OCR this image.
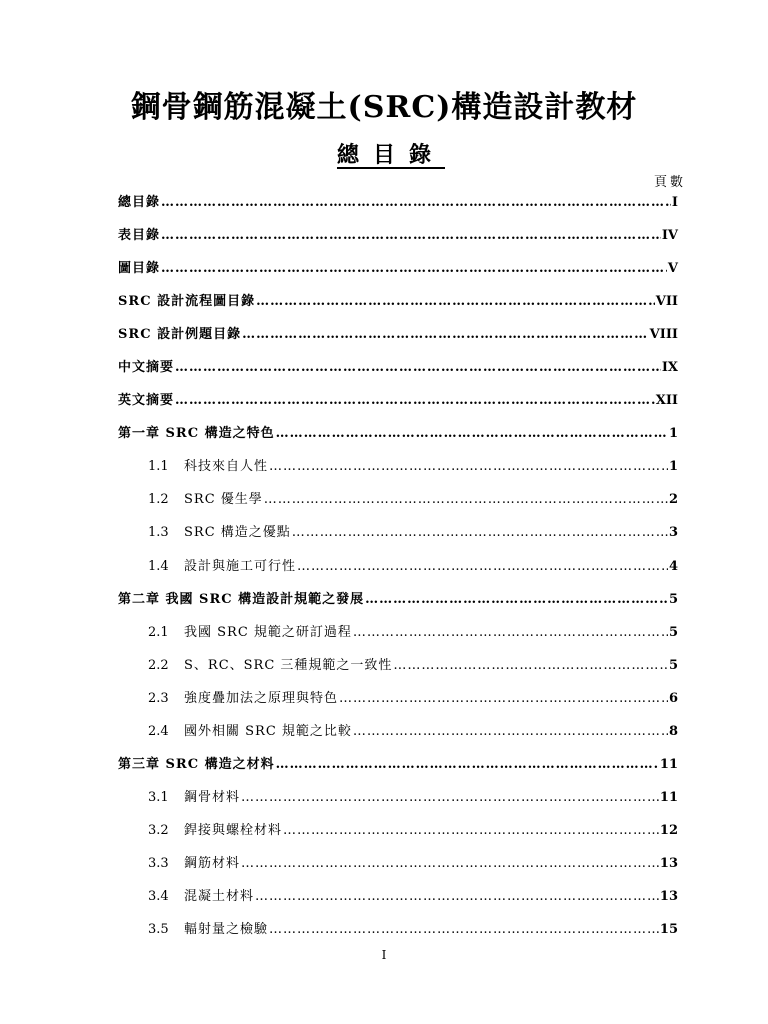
鋼骨鋼筋混凝土(SRC)構造設計教材
總目錄
頁數
總目錄 …………………………………………………………………………………………………………………………………………………………………………	I
表目錄 …………………………………………………………………………………………………………………………………………………………………………	IV
圖目錄 …………………………………………………………………………………………………………………………………………………………………………	V
SRC 設計流程圖目錄 …………………………………………………………………………………………………………………………………………………………………………	VII
SRC 設計例題目錄 …………………………………………………………………………………………………………………………………………………………………………	VIII
中文摘要 …………………………………………………………………………………………………………………………………………………………………………	IX
英文摘要 …………………………………………………………………………………………………………………………………………………………………………	XII
第一章 SRC 構造之特色 …………………………………………………………………………………………………………………………………………………………………………	1
1.1	科技來自人性 …………………………………………………………………………………………………………………………………………………………………………	1
1.2	SRC 優生學 …………………………………………………………………………………………………………………………………………………………………………	2
1.3	SRC 構造之優點 …………………………………………………………………………………………………………………………………………………………………………	3
1.4	設計與施工可行性 …………………………………………………………………………………………………………………………………………………………………………	4
第二章 我國 SRC 構造設計規範之發展 …………………………………………………………………………………………………………………………………………………………………………	5
2.1	我國 SRC 規範之研訂過程 …………………………………………………………………………………………………………………………………………………………………………	5
2.2	S、RC、SRC 三種規範之一致性 …………………………………………………………………………………………………………………………………………………………………………	5
2.3	強度疊加法之原理與特色 …………………………………………………………………………………………………………………………………………………………………………	6
2.4	國外相關 SRC 規範之比較 …………………………………………………………………………………………………………………………………………………………………………	8
第三章 SRC 構造之材料 …………………………………………………………………………………………………………………………………………………………………………	11
3.1	鋼骨材料 …………………………………………………………………………………………………………………………………………………………………………	11
3.2	銲接與螺栓材料 …………………………………………………………………………………………………………………………………………………………………………	12
3.3	鋼筋材料 …………………………………………………………………………………………………………………………………………………………………………	13
3.4	混凝土材料 …………………………………………………………………………………………………………………………………………………………………………	13
3.5	輻射量之檢驗 …………………………………………………………………………………………………………………………………………………………………………	15
I
